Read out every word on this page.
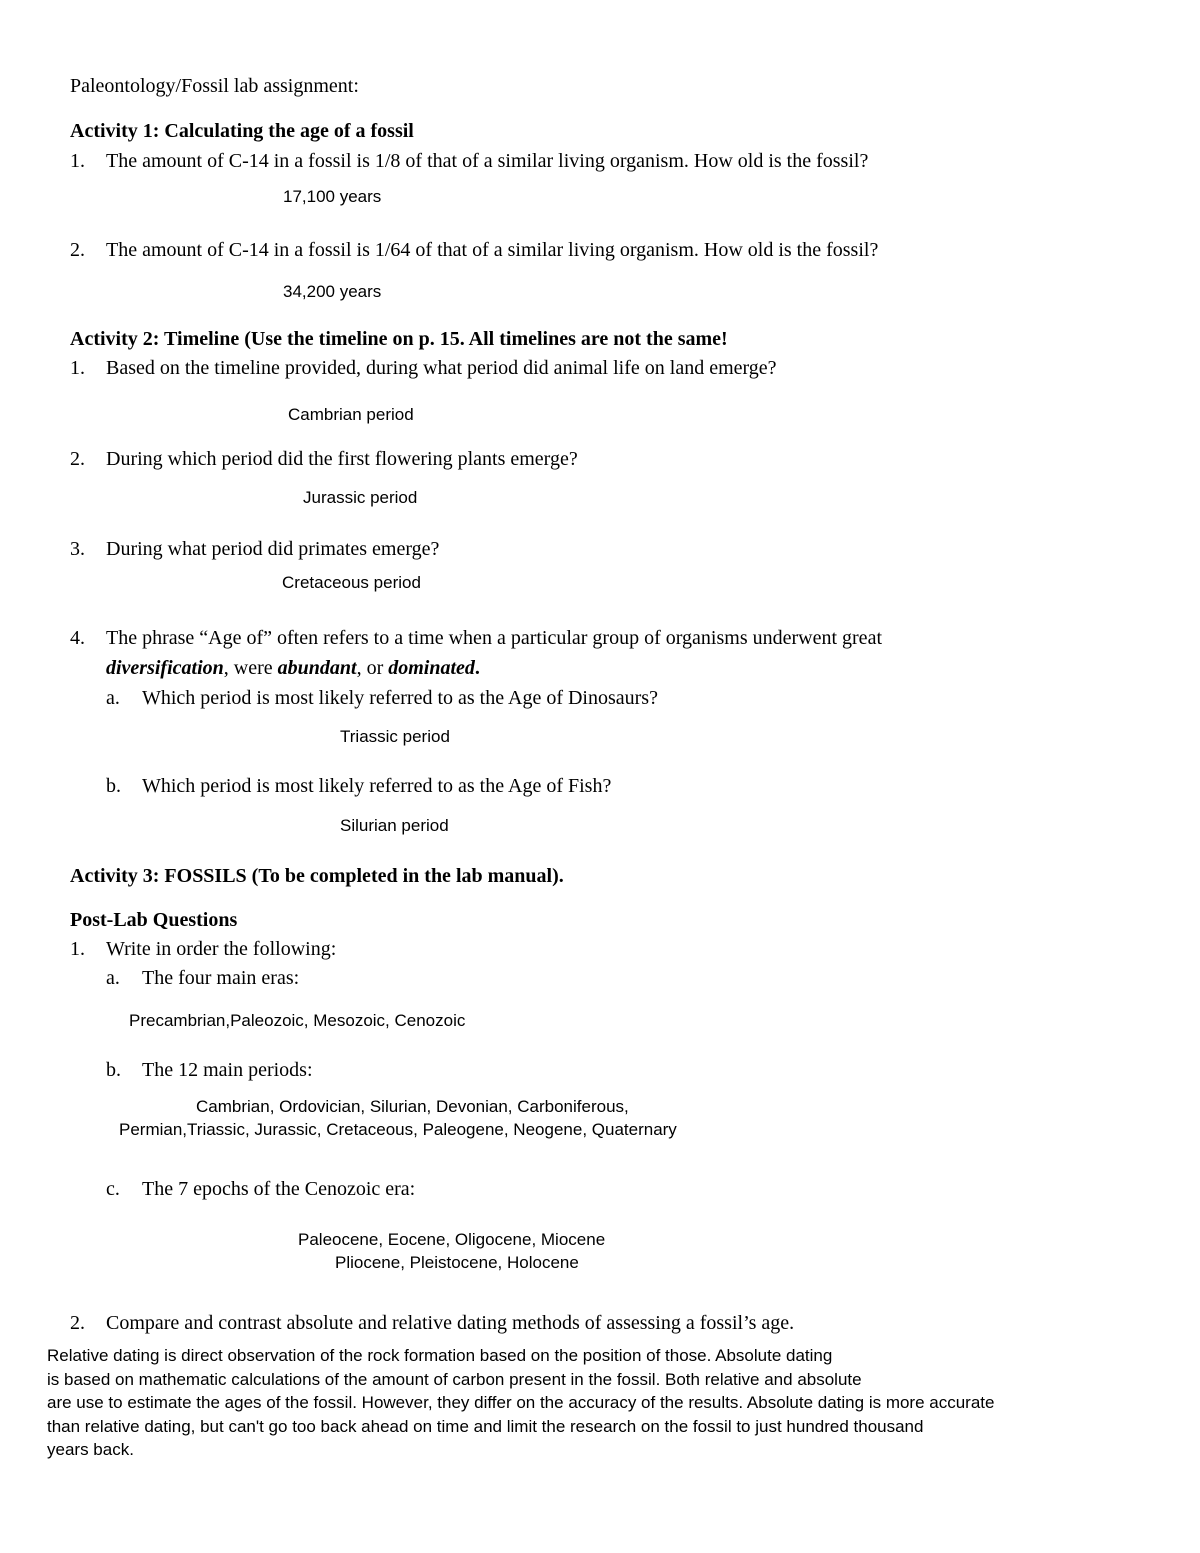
Paleontology/Fossil lab assignment:
Activity 1: Calculating the age of a fossil
1. The amount of C-14 in a fossil is 1/8 of that of a similar living organism. How old is the fossil?
17,100 years
2. The amount of C-14 in a fossil is 1/64 of that of a similar living organism. How old is the fossil?
34,200 years
Activity 2: Timeline (Use the timeline on p. 15. All timelines are not the same!
1. Based on the timeline provided, during what period did animal life on land emerge?
Cambrian period
2. During which period did the first flowering plants emerge?
Jurassic period
3. During what period did primates emerge?
Cretaceous period
4. The phrase “Age of” often refers to a time when a particular group of organisms underwent great
diversification, were abundant, or dominated.
a. Which period is most likely referred to as the Age of Dinosaurs?
Triassic period
b. Which period is most likely referred to as the Age of Fish?
Silurian period
Activity 3: FOSSILS (To be completed in the lab manual).
Post-Lab Questions
1. Write in order the following:
a. The four main eras:
Precambrian,Paleozoic, Mesozoic, Cenozoic
b. The 12 main periods:
Cambrian, Ordovician, Silurian, Devonian, Carboniferous,
Permian,Triassic, Jurassic, Cretaceous, Paleogene, Neogene, Quaternary
c. The 7 epochs of the Cenozoic era:
Paleocene, Eocene, Oligocene, Miocene
Pliocene, Pleistocene, Holocene
2. Compare and contrast absolute and relative dating methods of assessing a fossil’s age.
Relative dating is direct observation of the rock formation based on the position of those. Absolute dating
is based on mathematic calculations of the amount of carbon present in the fossil. Both relative and absolute
are use to estimate the ages of the fossil. However, they differ on the accuracy of the results. Absolute dating is more accurate
than relative dating, but can't go too back ahead on time and limit the research on the fossil to just hundred thousand
years back.
